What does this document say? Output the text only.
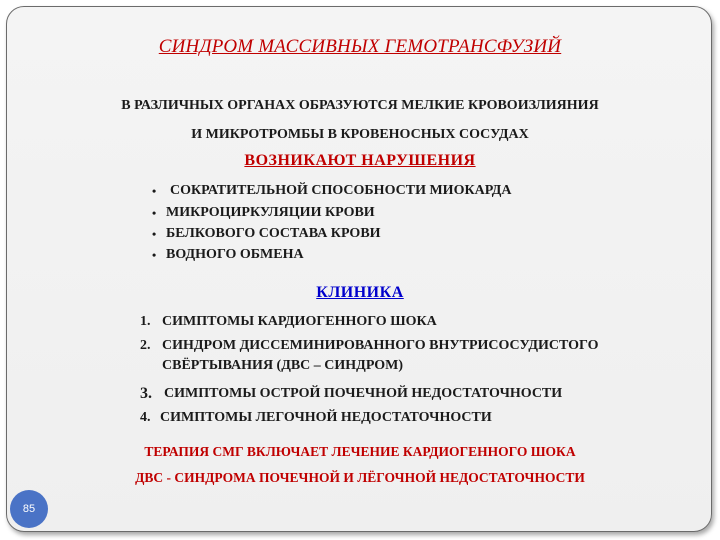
СИНДРОМ МАССИВНЫХ ГЕМОТРАНСФУЗИЙ
В РАЗЛИЧНЫХ ОРГАНАХ ОБРАЗУЮТСЯ МЕЛКИЕ КРОВОИЗЛИЯНИЯ
И МИКРОТРОМБЫ В КРОВЕНОСНЫХ СОСУДАХ
ВОЗНИКАЮТ НАРУШЕНИЯ
• СОКРАТИТЕЛЬНОЙ СПОСОБНОСТИ МИОКАРДА
• МИКРОЦИРКУЛЯЦИИ КРОВИ
• БЕЛКОВОГО СОСТАВА КРОВИ
• ВОДНОГО ОБМЕНА
КЛИНИКА
1. СИМПТОМЫ КАРДИОГЕННОГО ШОКА
2. СИНДРОМ ДИССЕМИНИРОВАННОГО ВНУТРИСОСУДИСТОГО
СВЁРТЫВАНИЯ (ДВС – СИНДРОМ)
3. СИМПТОМЫ ОСТРОЙ ПОЧЕЧНОЙ НЕДОСТАТОЧНОСТИ
4. СИМПТОМЫ ЛЕГОЧНОЙ НЕДОСТАТОЧНОСТИ
ТЕРАПИЯ СМГ ВКЛЮЧАЕТ ЛЕЧЕНИЕ КАРДИОГЕННОГО ШОКА
ДВС - СИНДРОМА ПОЧЕЧНОЙ И ЛЁГОЧНОЙ НЕДОСТАТОЧНОСТИ
85
